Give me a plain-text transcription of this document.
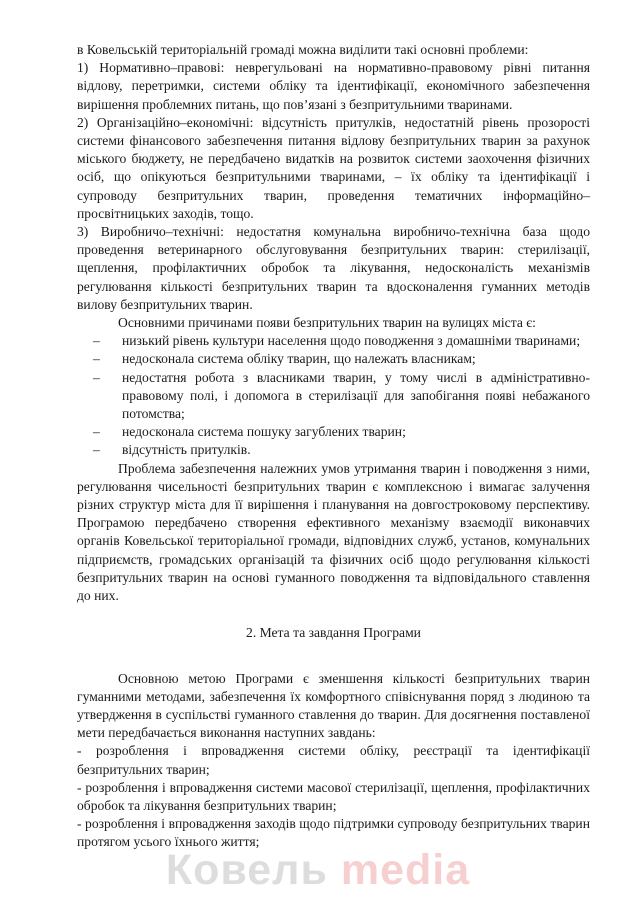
в Ковельській територіальній громаді можна виділити такі основні проблеми:

1) Нормативно–правові: неврегульовані на нормативно-правовому рівні питання відлову, перетримки, системи обліку та ідентифікації, економічного забезпечення вирішення проблемних питань, що пов’язані з безпритульними тваринами.

2) Організаційно–економічні: відсутність притулків, недостатній рівень прозорості системи фінансового забезпечення питання відлову безпритульних тварин за рахунок міського бюджету, не передбачено видатків на розвиток системи заохочення фізичних осіб, що опікуються безпритульними тваринами, – їх обліку та ідентифікації і супроводу безпритульних тварин, проведення тематичних інформаційно– просвітницьких заходів, тощо.

3) Виробничо–технічні: недостатня комунальна виробничо-технічна база щодо проведення ветеринарного обслуговування безпритульних тварин: стерилізації, щеплення, профілактичних обробок та лікування, недосконалість механізмів регулювання кількості безпритульних тварин та вдосконалення гуманних методів вилову безпритульних тварин.

Основними причинами появи безпритульних тварин на вулицях міста є:

– низький рівень культури населення щодо поводження з домашніми тваринами;
– недосконала система обліку тварин, що належать власникам;
– недостатня робота з власниками тварин, у тому числі в адміністративно-правовому полі, і допомога в стерилізації для запобігання появі небажаного потомства;
– недосконала система пошуку загублених тварин;
– відсутність притулків.

Проблема забезпечення належних умов утримання тварин і поводження з ними, регулювання чисельності безпритульних тварин є комплексною і вимагає залучення різних структур міста для її вирішення і планування на довгостроковому перспективу. Програмою передбачено створення ефективного механізму взаємодії виконавчих органів Ковельської територіальної громади, відповідних служб, установ, комунальних підприємств, громадських організацій та фізичних осіб щодо регулювання кількості безпритульних тварин на основі гуманного поводження та відповідального ставлення до них.

2. Мета та завдання Програми

Основною метою Програми є зменшення кількості безпритульних тварин гуманними методами, забезпечення їх комфортного співіснування поряд з людиною та утвердження в суспільстві гуманного ставлення до тварин. Для досягнення поставленої мети передбачається виконання наступних завдань:

- розроблення і впровадження системи обліку, реєстрації та ідентифікації безпритульних тварин;

- розроблення і впровадження системи масової стерилізації, щеплення, профілактичних обробок та лікування безпритульних тварин;

- розроблення і впровадження заходів щодо підтримки супроводу безпритульних тварин протягом усього їхнього життя;

Ковель media
